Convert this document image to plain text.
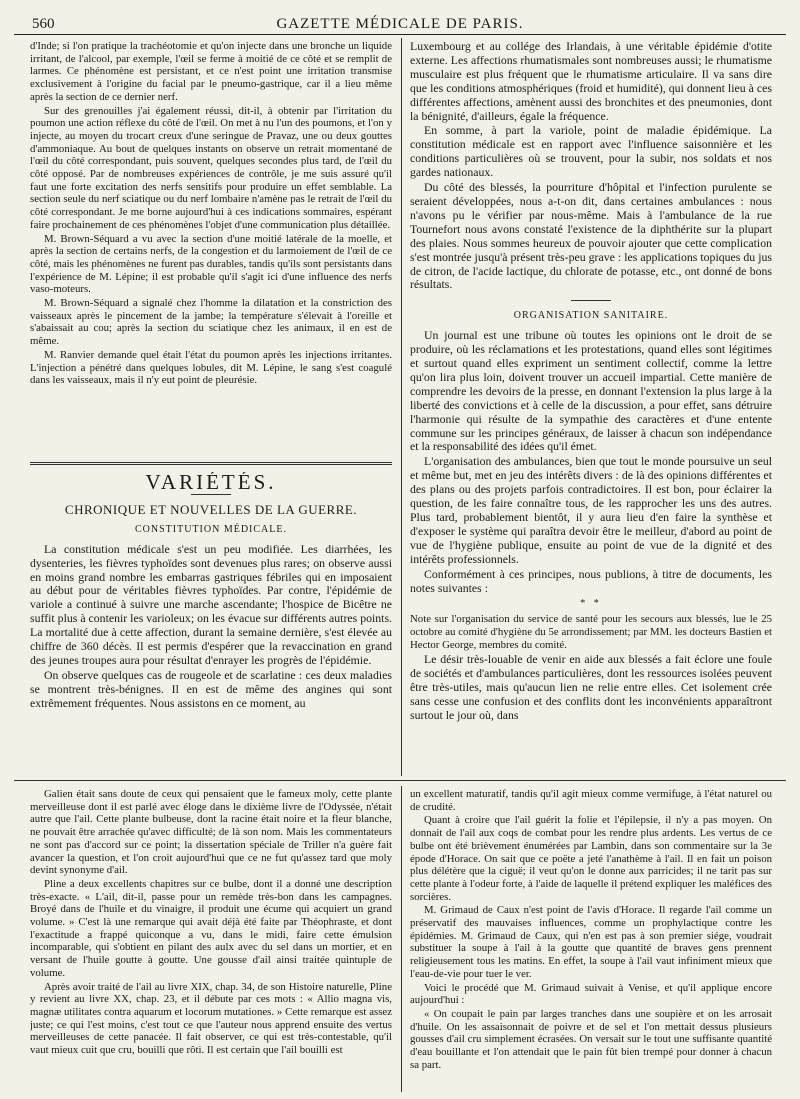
560	GAZETTE MÉDICALE DE PARIS.

d'Inde; si l'on pratique la trachéotomie et qu'on injecte dans une bronche un liquide irritant, de l'alcool, par exemple, l'œil se ferme à moitié de ce côté et se remplit de larmes. Ce phénomène est persistant, et ce n'est point une irritation transmise exclusivement à l'origine du facial par le pneumo-gastrique, car il a lieu même après la section de ce dernier nerf.

Sur des grenouilles j'ai également réussi, dit-il, à obtenir par l'irritation du poumon une action réflexe du côté de l'œil. On met à nu l'un des poumons, et l'on y injecte, au moyen du trocart creux d'une seringue de Pravaz, une ou deux gouttes d'ammoniaque. Au bout de quelques instants on observe un retrait momentané de l'œil du côté correspondant, puis souvent, quelques secondes plus tard, de l'œil du côté opposé. Par de nombreuses expériences de contrôle, je me suis assuré qu'il faut une forte excitation des nerfs sensitifs pour produire un effet semblable. La section seule du nerf sciatique ou du nerf lombaire n'amène pas le retrait de l'œil du côté correspondant. Je me borne aujourd'hui à ces indications sommaires, espérant faire prochainement de ces phénomènes l'objet d'une communication plus détaillée.

M. Brown-Séquard a vu avec la section d'une moitié latérale de la moelle, et après la section de certains nerfs, de la congestion et du larmoiement de l'œil de ce côté, mais les phénomènes ne furent pas durables, tandis qu'ils sont persistants dans l'expérience de M. Lépine; il est probable qu'il s'agit ici d'une influence des nerfs vaso-moteurs.

M. Brown-Séquard a signalé chez l'homme la dilatation et la constriction des vaisseaux après le pincement de la jambe; la température s'élevait à l'oreille et s'abaissait au cou; après la section du sciatique chez les animaux, il en est de même.

M. Ranvier demande quel était l'état du poumon après les injections irritantes. L'injection a pénétré dans quelques lobules, dit M. Lépine, le sang s'est coagulé dans les vaisseaux, mais il n'y eut point de pleurésie.

VARIÉTÉS.
CHRONIQUE ET NOUVELLES DE LA GUERRE.
CONSTITUTION MÉDICALE.

La constitution médicale s'est un peu modifiée. Les diarrhées, les dysenteries, les fièvres typhoïdes sont devenues plus rares; on observe aussi en moins grand nombre les embarras gastriques fébriles qui en imposaient au début pour de véritables fièvres typhoïdes. Par contre, l'épidémie de variole a continué à suivre une marche ascendante; l'hospice de Bicêtre ne suffit plus à contenir les varioleux; on les évacue sur différents autres points. La mortalité due à cette affection, durant la semaine dernière, s'est élevée au chiffre de 360 décès. Il est permis d'espérer que la revaccination en grand des jeunes troupes aura pour résultat d'enrayer les progrès de l'épidémie.

On observe quelques cas de rougeole et de scarlatine : ces deux maladies se montrent très-bénignes. Il en est de même des angines qui sont extrêmement fréquentes. Nous assistons en ce moment, au

Luxembourg et au collége des Irlandais, à une véritable épidémie d'otite externe. Les affections rhumatismales sont nombreuses aussi; le rhumatisme musculaire est plus fréquent que le rhumatisme articulaire. Il va sans dire que les conditions atmosphériques (froid et humidité), qui donnent lieu à ces différentes affections, amènent aussi des bronchites et des pneumonies, dont la bénignité, d'ailleurs, égale la fréquence.

En somme, à part la variole, point de maladie épidémique. La constitution médicale est en rapport avec l'influence saisonnière et les conditions particulières où se trouvent, pour la subir, nos soldats et nos gardes nationaux.

Du côté des blessés, la pourriture d'hôpital et l'infection purulente se seraient développées, nous a-t-on dit, dans certaines ambulances : nous n'avons pu le vérifier par nous-même. Mais à l'ambulance de la rue Tournefort nous avons constaté l'existence de la diphthérite sur la plupart des plaies. Nous sommes heureux de pouvoir ajouter que cette complication s'est montrée jusqu'à présent très-peu grave : les applications topiques du jus de citron, de l'acide lactique, du chlorate de potasse, etc., ont donné de bons résultats.

ORGANISATION SANITAIRE.

Un journal est une tribune où toutes les opinions ont le droit de se produire, où les réclamations et les protestations, quand elles sont légitimes et surtout quand elles expriment un sentiment collectif, comme la lettre qu'on lira plus loin, doivent trouver un accueil impartial. Cette manière de comprendre les devoirs de la presse, en donnant l'extension la plus large à la liberté des convictions et à celle de la discussion, a pour effet, sans détruire l'harmonie qui résulte de la sympathie des caractères et d'une entente commune sur les principes généraux, de laisser à chacun son indépendance et la responsabilité des idées qu'il émet.

L'organisation des ambulances, bien que tout le monde poursuive un seul et même but, met en jeu des intérêts divers : de là des opinions différentes et des plans ou des projets parfois contradictoires. Il est bon, pour éclairer la question, de les faire connaître tous, de les rapprocher les uns des autres. Plus tard, probablement bientôt, il y aura lieu d'en faire la synthèse et d'exposer le système qui paraîtra devoir être le meilleur, d'abord au point de vue de l'hygiène publique, ensuite au point de vue de la dignité et des intérêts professionnels.

Conformément à ces principes, nous publions, à titre de documents, les notes suivantes :

* *

Note sur l'organisation du service de santé pour les secours aux blessés, lue le 25 octobre au comité d'hygiène du 5e arrondissement; par MM. les docteurs Bastien et Hector George, membres du comité.

Le désir très-louable de venir en aide aux blessés a fait éclore une foule de sociétés et d'ambulances particulières, dont les ressources isolées peuvent être très-utiles, mais qu'aucun lien ne relie entre elles. Cet isolement crée sans cesse une confusion et des conflits dont les inconvénients apparaîtront surtout le jour où, dans

Galien était sans doute de ceux qui pensaient que le fameux moly, cette plante merveilleuse dont il est parlé avec éloge dans le dixième livre de l'Odyssée, n'était autre que l'ail. Cette plante bulbeuse, dont la racine était noire et la fleur blanche, ne pouvait être arrachée qu'avec difficulté; de là son nom. Mais les commentateurs ne sont pas d'accord sur ce point; la dissertation spéciale de Triller n'a guère fait avancer la question, et l'on croit aujourd'hui que ce ne fut qu'assez tard que moly devint synonyme d'ail.

Pline a deux excellents chapitres sur ce bulbe, dont il a donné une description très-exacte. « L'ail, dit-il, passe pour un remède très-bon dans les campagnes. Broyé dans de l'huile et du vinaigre, il produit une écume qui acquiert un grand volume. » C'est là une remarque qui avait déjà été faite par Théophraste, et dont l'exactitude a frappé quiconque a vu, dans le midi, faire cette émulsion incomparable, qui s'obtient en pilant des aulx avec du sel dans un mortier, et en versant de l'huile goutte à goutte. Une gousse d'ail ainsi traitée quintuple de volume.

Après avoir traité de l'ail au livre XIX, chap. 34, de son Histoire naturelle, Pline y revient au livre XX, chap. 23, et il débute par ces mots : « Allio magna vis, magnæ utilitates contra aquarum et locorum mutationes. » Cette remarque est assez juste; ce qui l'est moins, c'est tout ce que l'auteur nous apprend ensuite des vertus merveilleuses de cette panacée. Il fait observer, ce qui est très-contestable, qu'il vaut mieux cuit que cru, bouilli que rôti. Il est certain que l'ail bouilli est

un excellent maturatif, tandis qu'il agit mieux comme vermifuge, à l'état naturel ou de crudité.

Quant à croire que l'ail guérit la folie et l'épilepsie, il n'y a pas moyen. On donnait de l'ail aux coqs de combat pour les rendre plus ardents. Les vertus de ce bulbe ont été brièvement énumérées par Lambin, dans son commentaire sur la 3e épode d'Horace. On sait que ce poëte a jeté l'anathème à l'ail. Il en fait un poison plus délétère que la ciguë; il veut qu'on le donne aux parricides; il ne tarit pas sur cette plante à l'odeur forte, à l'aide de laquelle il prétend expliquer les maléfices des sorcières.

M. Grimaud de Caux n'est point de l'avis d'Horace. Il regarde l'ail comme un préservatif des mauvaises influences, comme un prophylactique contre les épidémies. M. Grimaud de Caux, qui n'en est pas à son premier siége, voudrait substituer la soupe à l'ail à la goutte que quantité de braves gens prennent religieusement tous les matins. En effet, la soupe à l'ail vaut infiniment mieux que l'eau-de-vie pour tuer le ver.

Voici le procédé que M. Grimaud suivait à Venise, et qu'il applique encore aujourd'hui :

« On coupait le pain par larges tranches dans une soupière et on les arrosait d'huile. On les assaisonnait de poivre et de sel et l'on mettait dessus plusieurs gousses d'ail cru simplement écrasées. On versait sur le tout une suffisante quantité d'eau bouillante et l'on attendait que le pain fût bien trempé pour donner à chacun sa part.
